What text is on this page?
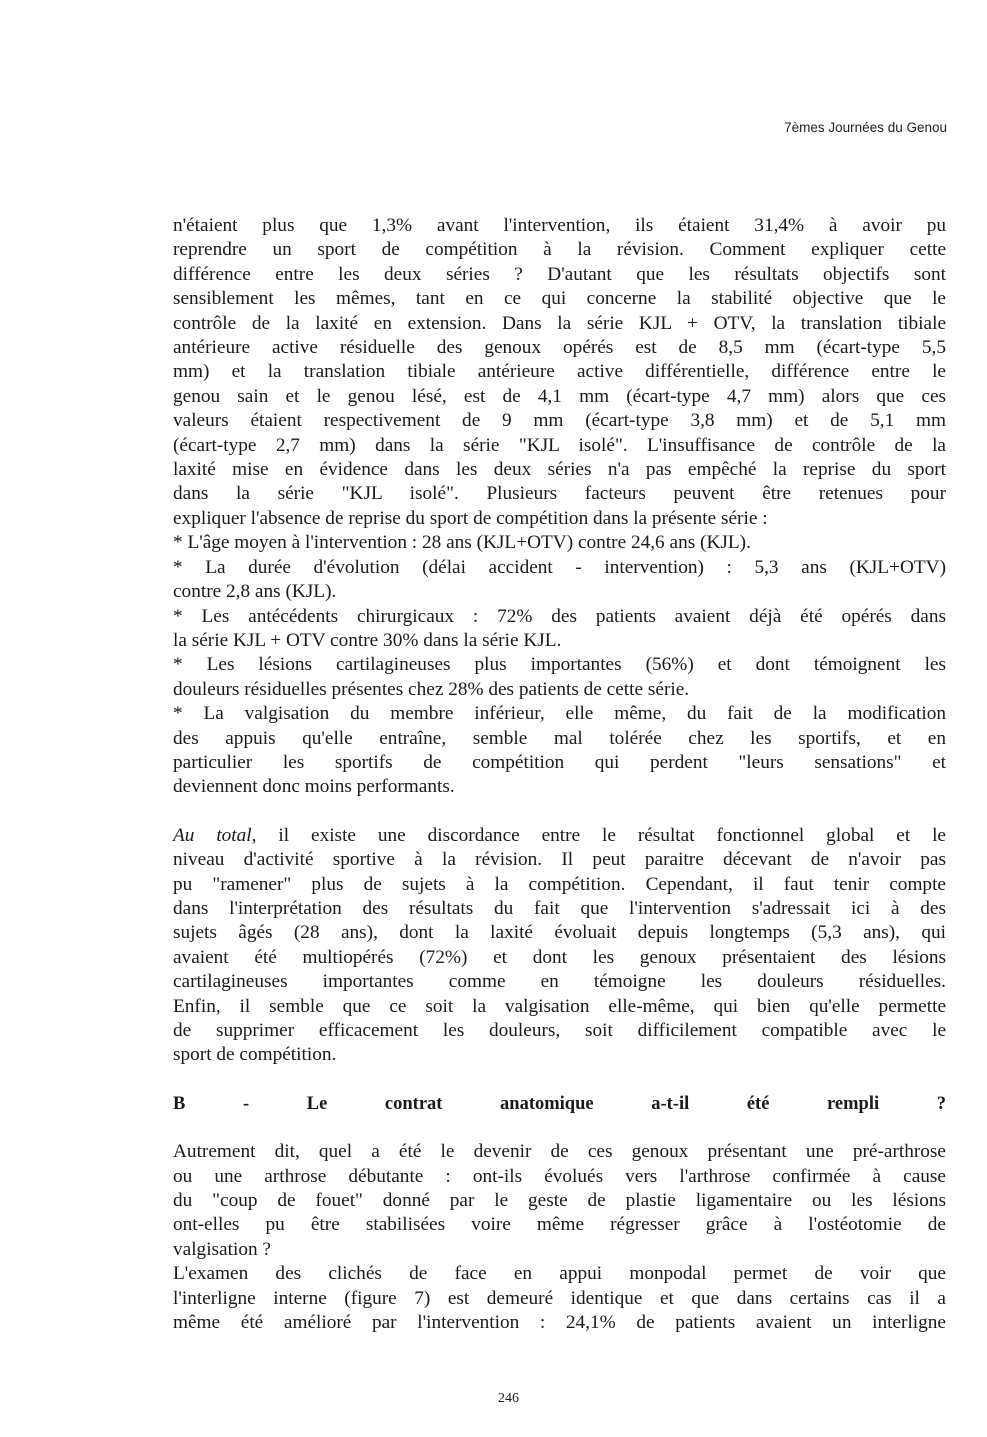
7èmes Journées du Genou

n'étaient plus que 1,3% avant l'intervention, ils étaient 31,4% à avoir pu

reprendre un sport de compétition à la révision. Comment expliquer cette

différence entre les deux séries ? D'autant que les résultats objectifs sont

sensiblement les mêmes, tant en ce qui concerne la stabilité objective que le

contrôle de la laxité en extension. Dans la série KJL + OTV, la translation tibiale

antérieure active résiduelle des genoux opérés est de 8,5 mm (écart-type 5,5

mm) et la translation tibiale antérieure active différentielle, différence entre le

genou sain et le genou lésé, est de 4,1 mm (écart-type 4,7 mm) alors que ces

valeurs étaient respectivement de 9 mm (écart-type 3,8 mm) et de 5,1 mm

(écart-type 2,7 mm) dans la série "KJL isolé". L'insuffisance de contrôle de la

laxité mise en évidence dans les deux séries n'a pas empêché la reprise du sport

dans la série "KJL isolé". Plusieurs facteurs peuvent être retenues pour

expliquer l'absence de reprise du sport de compétition dans la présente série :

* L'âge moyen à l'intervention : 28 ans (KJL+OTV) contre 24,6 ans (KJL).

* La durée d'évolution (délai accident - intervention) : 5,3 ans (KJL+OTV)

contre 2,8 ans (KJL).

* Les antécédents chirurgicaux : 72% des patients avaient déjà été opérés dans

la série KJL + OTV contre 30% dans la série KJL.

* Les lésions cartilagineuses plus importantes (56%) et dont témoignent les

douleurs résiduelles présentes chez 28% des patients de cette série.

* La valgisation du membre inférieur, elle même, du fait de la modification

des appuis qu'elle entraîne, semble mal tolérée chez les sportifs, et en

particulier les sportifs de compétition qui perdent "leurs sensations" et

deviennent donc moins performants.

Au total, il existe une discordance entre le résultat fonctionnel global et le

niveau d'activité sportive à la révision. Il peut paraitre décevant de n'avoir pas

pu "ramener" plus de sujets à la compétition. Cependant, il faut tenir compte

dans l'interprétation des résultats du fait que l'intervention s'adressait ici à des

sujets âgés (28 ans), dont la laxité évoluait depuis longtemps (5,3 ans), qui

avaient été multiopérés (72%) et dont les genoux présentaient des lésions

cartilagineuses importantes comme en témoigne les douleurs résiduelles.

Enfin, il semble que ce soit la valgisation elle-même, qui bien qu'elle permette

de supprimer efficacement les douleurs, soit difficilement compatible avec le

sport de compétition.

B - Le contrat anatomique a-t-il été rempli ?

Autrement dit, quel a été le devenir de ces genoux présentant une pré-arthrose

ou une arthrose débutante : ont-ils évolués vers l'arthrose confirmée à cause

du "coup de fouet" donné par le geste de plastie ligamentaire ou les lésions

ont-elles pu être stabilisées voire même régresser grâce à l'ostéotomie de

valgisation ?

L'examen des clichés de face en appui monpodal permet de voir que

l'interligne interne (figure 7) est demeuré identique et que dans certains cas il a

même été amélioré par l'intervention : 24,1% de patients avaient un interligne

246
